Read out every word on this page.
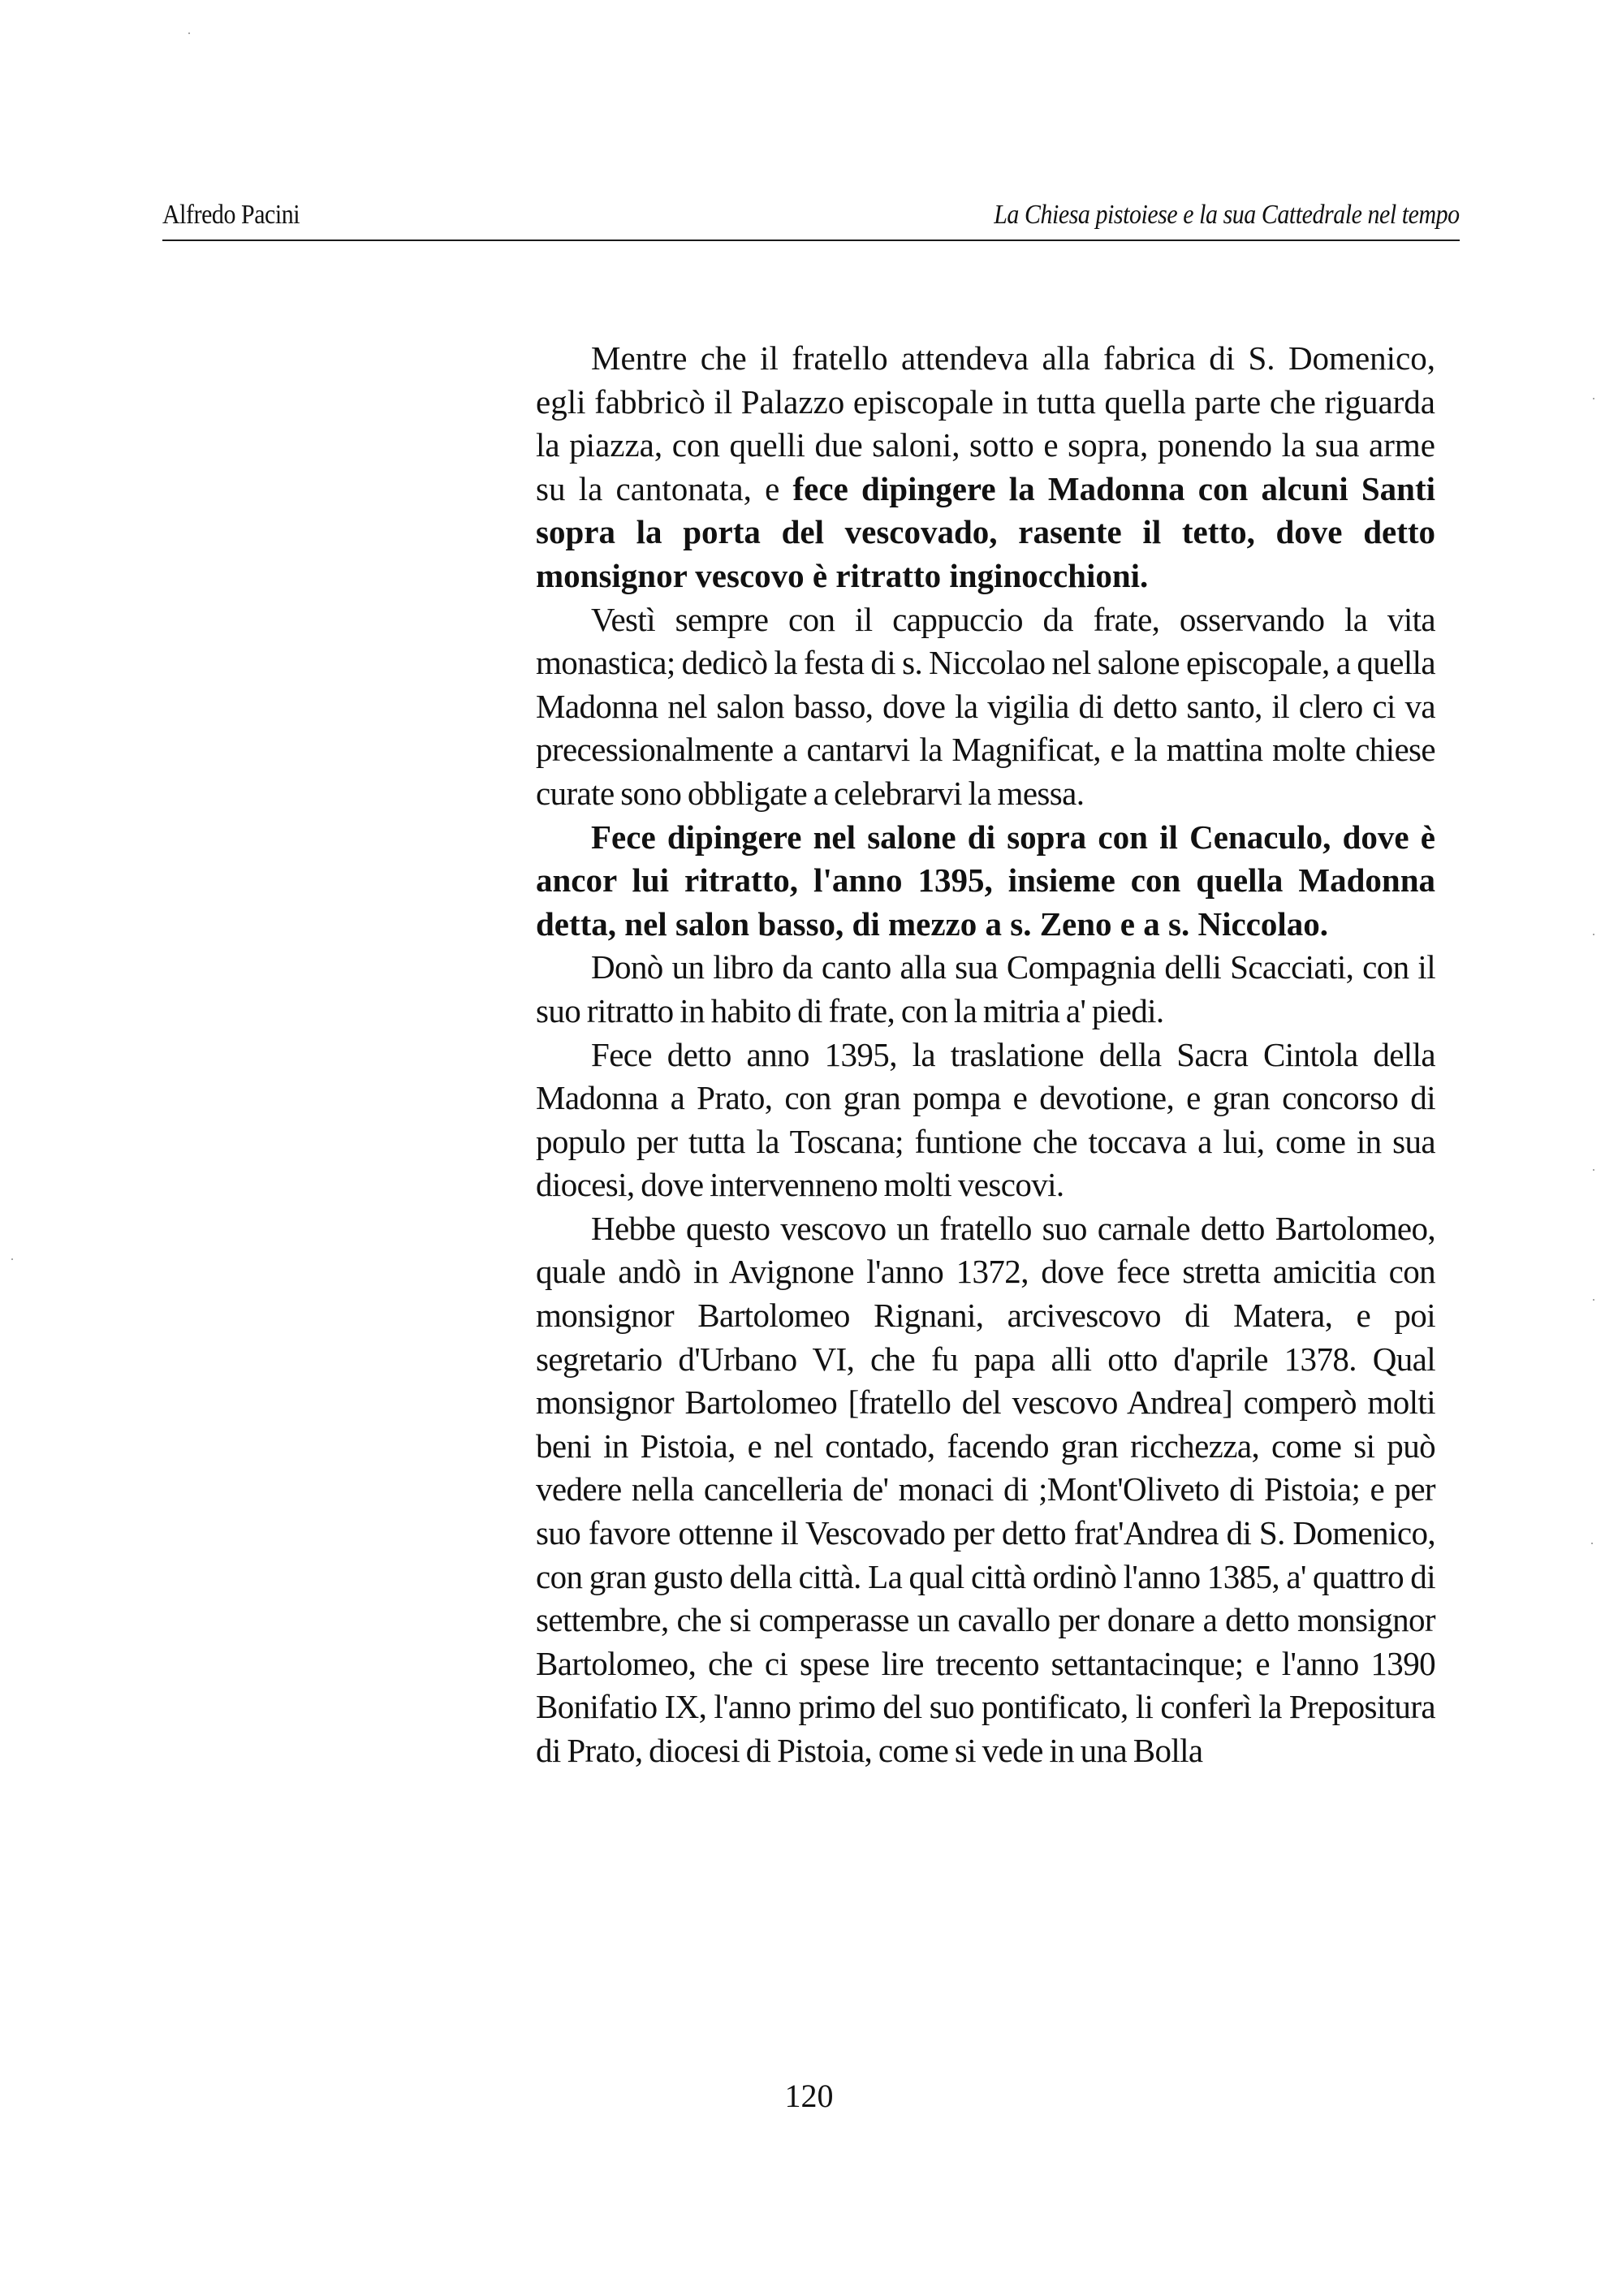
Alfredo Pacini	La Chiesa pistoiese e la sua Cattedrale nel tempo

Mentre che il fratello attendeva alla fabrica di S. Domenico, egli fabbricò il Palazzo episcopale in tutta quella parte che riguarda la piazza, con quelli due saloni, sotto e sopra, ponendo la sua arme su la cantonata, e fece dipingere la Madonna con alcuni Santi sopra la porta del vescovado, rasente il tetto, dove detto monsignor vescovo è ritratto inginocchioni.

Vestì sempre con il cappuccio da frate, osservando la vita monastica; dedicò la festa di s. Niccolao nel salone episcopale, a quella Madonna nel salon basso, dove la vigilia di detto santo, il clero ci va precessionalmente a cantarvi la Magnificat, e la mattina molte chiese curate sono obbligate a celebrarvi la messa.

Fece dipingere nel salone di sopra con il Cenaculo, dove è ancor lui ritratto, l'anno 1395, insieme con quella Madonna detta, nel salon basso, di mezzo a s. Zeno e a s. Niccolao.

Donò un libro da canto alla sua Compagnia delli Scacciati, con il suo ritratto in habito di frate, con la mitria a' piedi.

Fece detto anno 1395, la traslatione della Sacra Cintola della Madonna a Prato, con gran pompa e devotione, e gran concorso di populo per tutta la Toscana; funtione che toccava a lui, come in sua diocesi, dove intervenneno molti vescovi.

Hebbe questo vescovo un fratello suo carnale detto Bartolomeo, quale andò in Avignone l'anno 1372, dove fece stretta amicitia con monsignor Bartolomeo Rignani, arcivescovo di Matera, e poi segretario d'Urbano VI, che fu papa alli otto d'aprile 1378. Qual monsignor Bartolomeo [fratello del vescovo Andrea] comperò molti beni in Pistoia, e nel contado, facendo gran ricchezza, come si può vedere nella cancelleria de' monaci di ;Mont'Oliveto di Pistoia; e per suo favore ottenne il Vescovado per detto frat'Andrea di S. Domenico, con gran gusto della città. La qual città ordinò l'anno 1385, a' quattro di settembre, che si comperasse un cavallo per donare a detto monsignor Bartolomeo, che ci spese lire trecento settantacinque; e l'anno 1390 Bonifatio IX, l'anno primo del suo pontificato, li conferì la Prepositura di Prato, diocesi di Pistoia, come si vede in una Bolla

120
